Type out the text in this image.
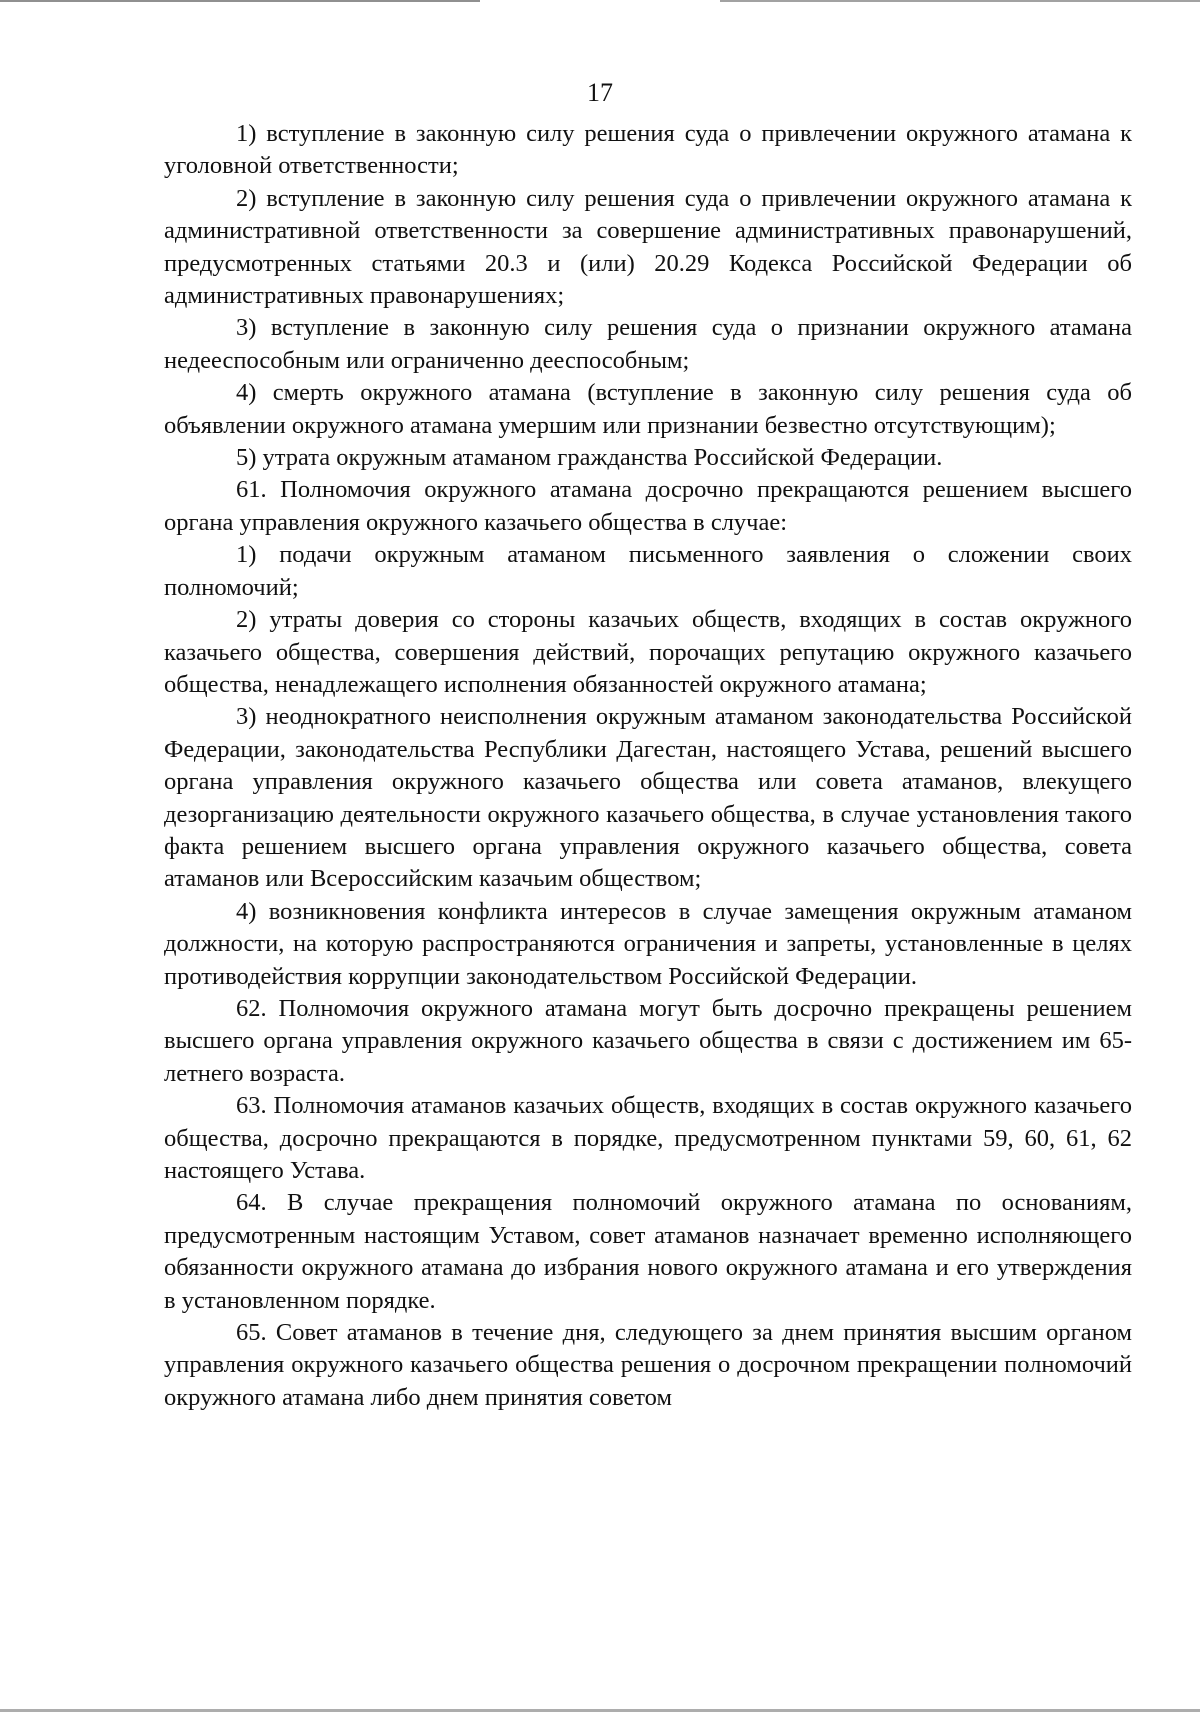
17

1) вступление в законную силу решения суда о привлечении окружного атамана к уголовной ответственности;

2) вступление в законную силу решения суда о привлечении окружного атамана к административной ответственности за совершение административных правонарушений, предусмотренных статьями 20.3 и (или) 20.29 Кодекса Российской Федерации об административных правонарушениях;

3) вступление в законную силу решения суда о признании окружного атамана недееспособным или ограниченно дееспособным;

4) смерть окружного атамана (вступление в законную силу решения суда об объявлении окружного атамана умершим или признании безвестно отсутствующим);

5) утрата окружным атаманом гражданства Российской Федерации.

61. Полномочия окружного атамана досрочно прекращаются решением высшего органа управления окружного казачьего общества в случае:

1) подачи окружным атаманом письменного заявления о сложении своих полномочий;

2) утраты доверия со стороны казачьих обществ, входящих в состав окружного казачьего общества, совершения действий, порочащих репутацию окружного казачьего общества, ненадлежащего исполнения обязанностей окружного атамана;

3) неоднократного неисполнения окружным атаманом законодательства Российской Федерации, законодательства Республики Дагестан, настоящего Устава, решений высшего органа управления окружного казачьего общества или совета атаманов, влекущего дезорганизацию деятельности окружного казачьего общества, в случае установления такого факта решением высшего органа управления окружного казачьего общества, совета атаманов или Всероссийским казачьим обществом;

4) возникновения конфликта интересов в случае замещения окружным атаманом должности, на которую распространяются ограничения и запреты, установленные в целях противодействия коррупции законодательством Российской Федерации.

62. Полномочия окружного атамана могут быть досрочно прекращены решением высшего органа управления окружного казачьего общества в связи с достижением им 65-летнего возраста.

63. Полномочия атаманов казачьих обществ, входящих в состав окружного казачьего общества, досрочно прекращаются в порядке, предусмотренном пунктами 59, 60, 61, 62 настоящего Устава.

64. В случае прекращения полномочий окружного атамана по основаниям, предусмотренным настоящим Уставом, совет атаманов назначает временно исполняющего обязанности окружного атамана до избрания нового окружного атамана и его утверждения в установленном порядке.

65. Совет атаманов в течение дня, следующего за днем принятия высшим органом управления окружного казачьего общества решения о досрочном прекращении полномочий окружного атамана либо днем принятия советом
